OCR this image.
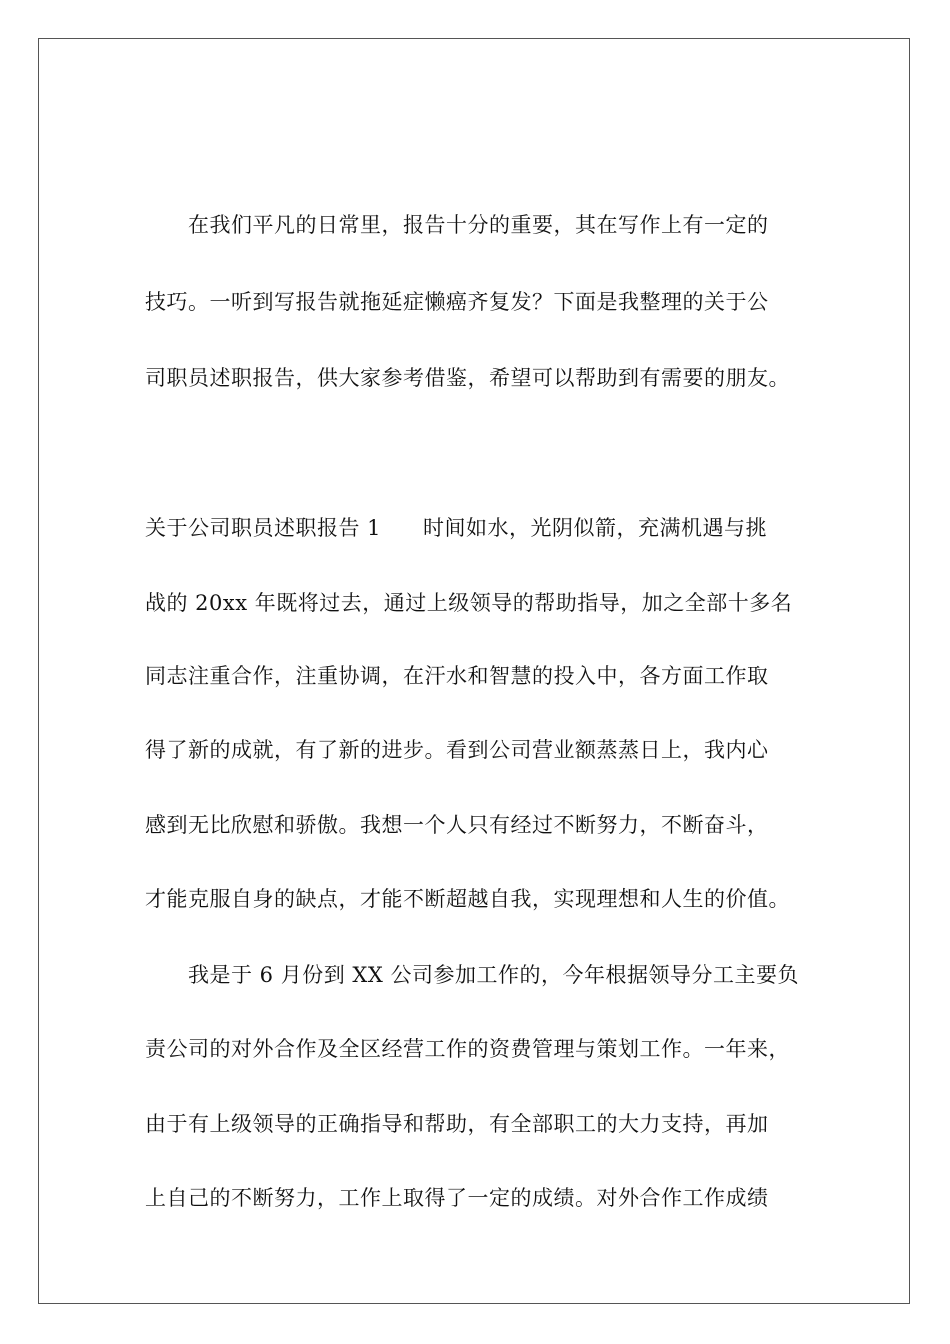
在我们平凡的日常里，报告十分的重要，其在写作上有一定的
技巧。一听到写报告就拖延症懒癌齐复发？下面是我整理的关于公
司职员述职报告，供大家参考借鉴，希望可以帮助到有需要的朋友。
关于公司职员述职报告 1 时间如水，光阴似箭，充满机遇与挑
战的 20xx 年既将过去，通过上级领导的帮助指导，加之全部十多名
同志注重合作，注重协调，在汗水和智慧的投入中，各方面工作取
得了新的成就，有了新的进步。看到公司营业额蒸蒸日上，我内心
感到无比欣慰和骄傲。我想一个人只有经过不断努力，不断奋斗，
才能克服自身的缺点，才能不断超越自我，实现理想和人生的价值。
我是于 6 月份到 XX 公司参加工作的，今年根据领导分工主要负
责公司的对外合作及全区经营工作的资费管理与策划工作。一年来，
由于有上级领导的正确指导和帮助，有全部职工的大力支持，再加
上自己的不断努力，工作上取得了一定的成绩。对外合作工作成绩
